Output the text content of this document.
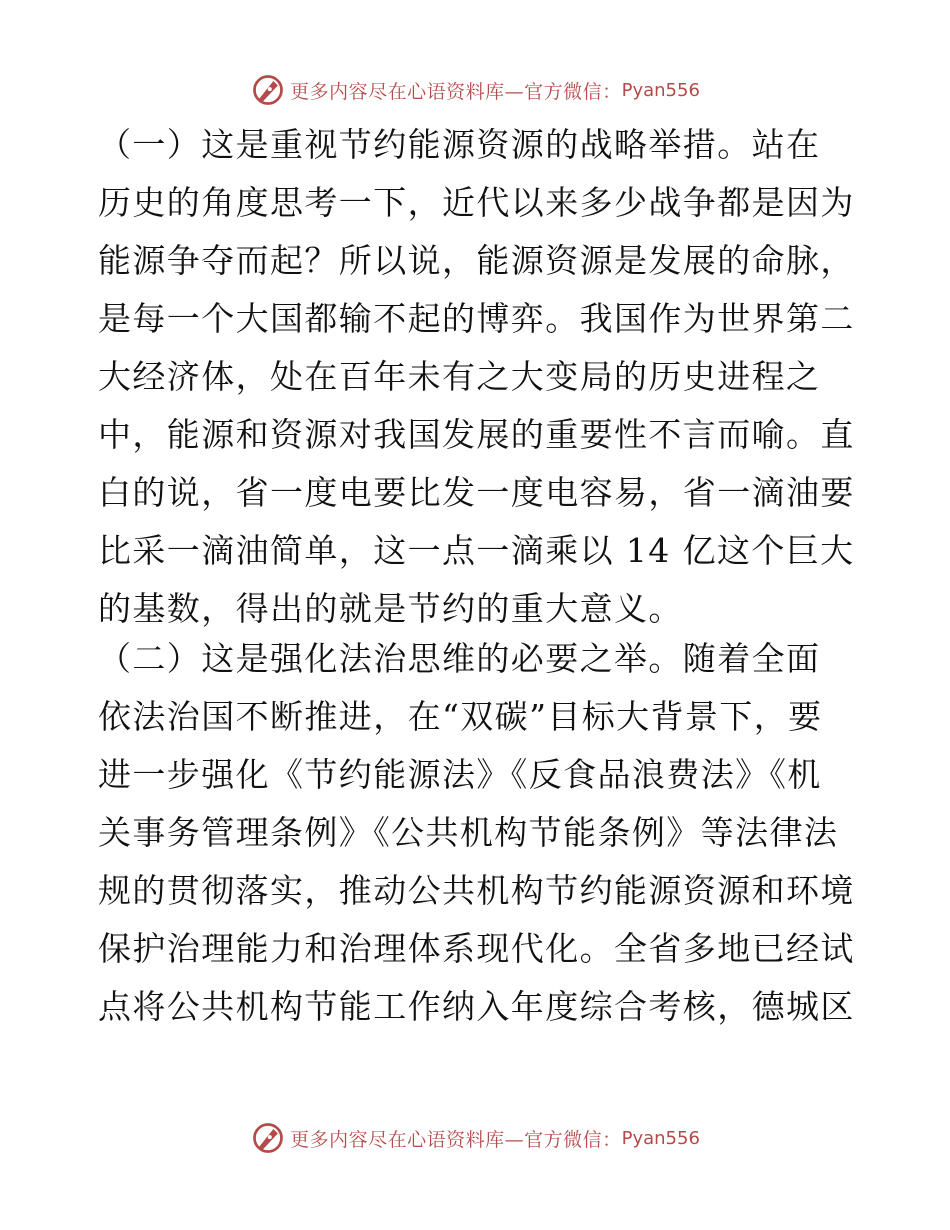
更多内容尽在心语资料库—官方微信： Pyan556
（一）这是重视节约能源资源的战略举措。站在
历史的角度思考一下，近代以来多少战争都是因为
能源争夺而起？所以说，能源资源是发展的命脉，
是每一个大国都输不起的博弈。我国作为世界第二
大经济体，处在百年未有之大变局的历史进程之
中，能源和资源对我国发展的重要性不言而喻。直
白的说，省一度电要比发一度电容易，省一滴油要
比采一滴油简单，这一点一滴乘以 14 亿这个巨大
的基数，得出的就是节约的重大意义。
（二）这是强化法治思维的必要之举。随着全面
依法治国不断推进，在“双碳”目标大背景下，要
进一步强化《节约能源法》《反食品浪费法》《机
关事务管理条例》《公共机构节能条例》等法律法
规的贯彻落实，推动公共机构节约能源资源和环境
保护治理能力和治理体系现代化。全省多地已经试
点将公共机构节能工作纳入年度综合考核，德城区
更多内容尽在心语资料库—官方微信： Pyan556
